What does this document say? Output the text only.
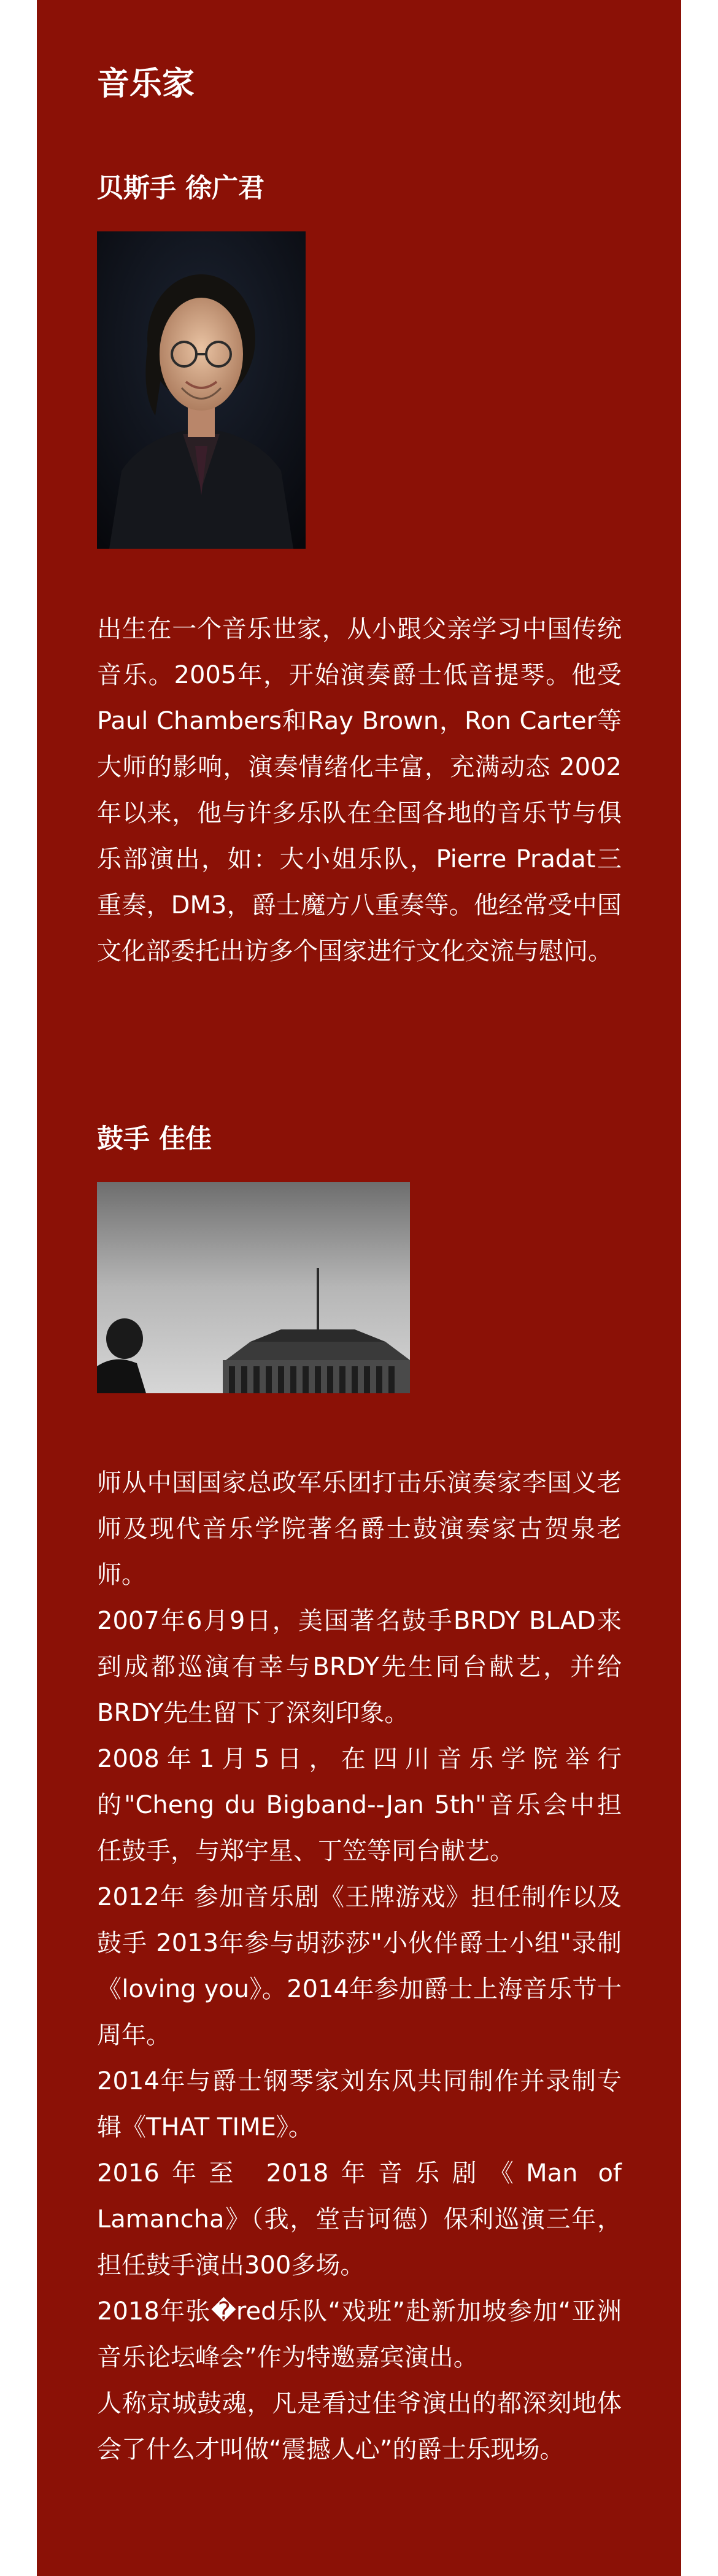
音乐家
贝斯手 徐广君

出生在一个音乐世家，从小跟父亲学习中国传统音乐。2005年，开始演奏爵士低音提琴。他受Paul Chambers和Ray Brown，Ron Carter等大师的影响，演奏情绪化丰富，充满动态 2002年以来，他与许多乐队在全国各地的音乐节与俱乐部演出，如：大小姐乐队，Pierre Pradat三重奏，DM3，爵士魔方八重奏等。他经常受中国文化部委托出访多个国家进行文化交流与慰问。

鼓手 佳佳

师从中国国家总政军乐团打击乐演奏家李国义老师及现代音乐学院著名爵士鼓演奏家古贺泉老师。

2007年6月9日，美国著名鼓手BRDY BLAD来到成都巡演有幸与BRDY先生同台献艺，并给BRDY先生留下了深刻印象。

2008年1月5日，在四川音乐学院举行的"Cheng du Bigband--Jan 5th"音乐会中担任鼓手，与郑宇星、丁笠等同台献艺。

2012年 参加音乐剧《王牌游戏》担任制作以及鼓手 2013年参与胡莎莎"小伙伴爵士小组"录制《loving you》。2014年参加爵士上海音乐节十周年。

2014年与爵士钢琴家刘东风共同制作并录制专辑《THAT TIME》。

2016年至 2018年音乐剧《Man of Lamancha》（我，堂吉诃德）保利巡演三年，担任鼓手演出300多场。

2018年张�red乐队“戏班”赴新加坡参加“亚洲音乐论坛峰会”作为特邀嘉宾演出。

人称京城鼓魂，凡是看过佳爷演出的都深刻地体会了什么才叫做“震撼人心”的爵士乐现场。
